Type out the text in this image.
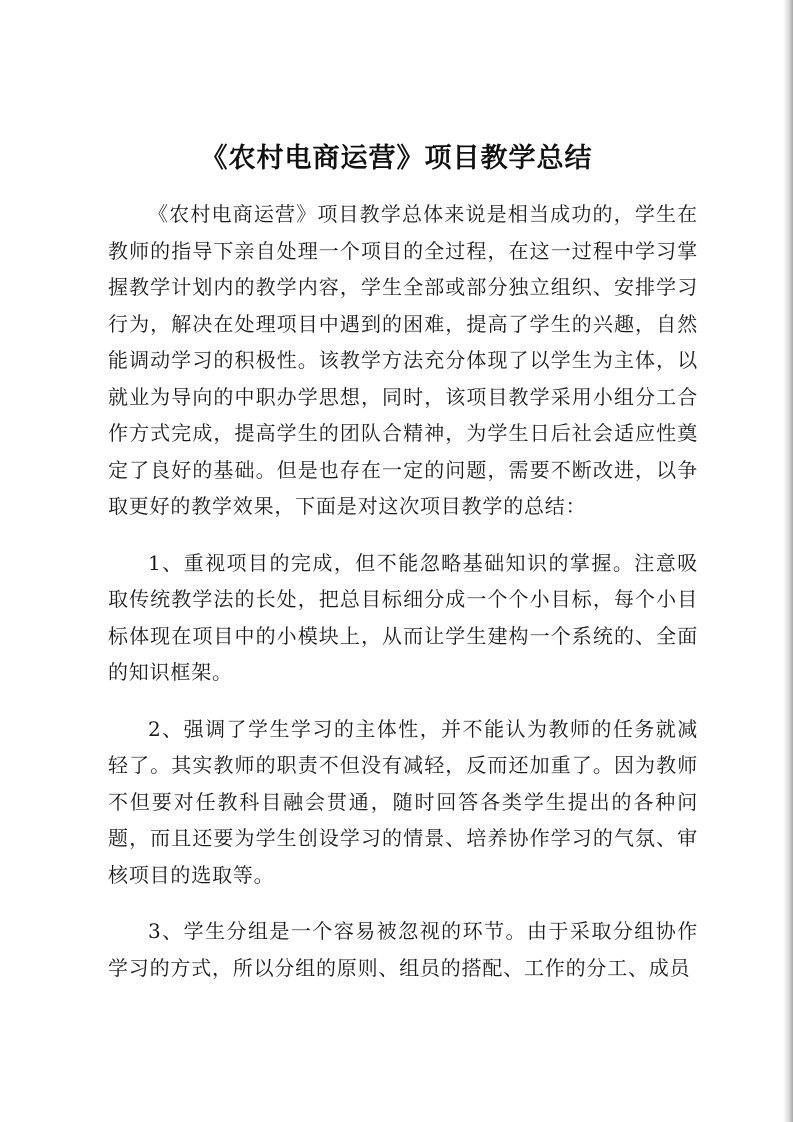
《农村电商运营》项目教学总结

《农村电商运营》项目教学总体来说是相当成功的，学生在教师的指导下亲自处理一个项目的全过程，在这一过程中学习掌握教学计划内的教学内容，学生全部或部分独立组织、安排学习行为，解决在处理项目中遇到的困难，提高了学生的兴趣，自然能调动学习的积极性。该教学方法充分体现了以学生为主体，以就业为导向的中职办学思想，同时，该项目教学采用小组分工合作方式完成，提高学生的团队合精神，为学生日后社会适应性奠定了良好的基础。但是也存在一定的问题，需要不断改进，以争取更好的教学效果，下面是对这次项目教学的总结：

1、重视项目的完成，但不能忽略基础知识的掌握。注意吸取传统教学法的长处，把总目标细分成一个个小目标，每个小目标体现在项目中的小模块上，从而让学生建构一个系统的、全面的知识框架。

2、强调了学生学习的主体性，并不能认为教师的任务就减轻了。其实教师的职责不但没有减轻，反而还加重了。因为教师不但要对任教科目融会贯通，随时回答各类学生提出的各种问题，而且还要为学生创设学习的情景、培养协作学习的气氛、审核项目的选取等。

3、学生分组是一个容易被忽视的环节。由于采取分组协作学习的方式，所以分组的原则、组员的搭配、工作的分工、成员
